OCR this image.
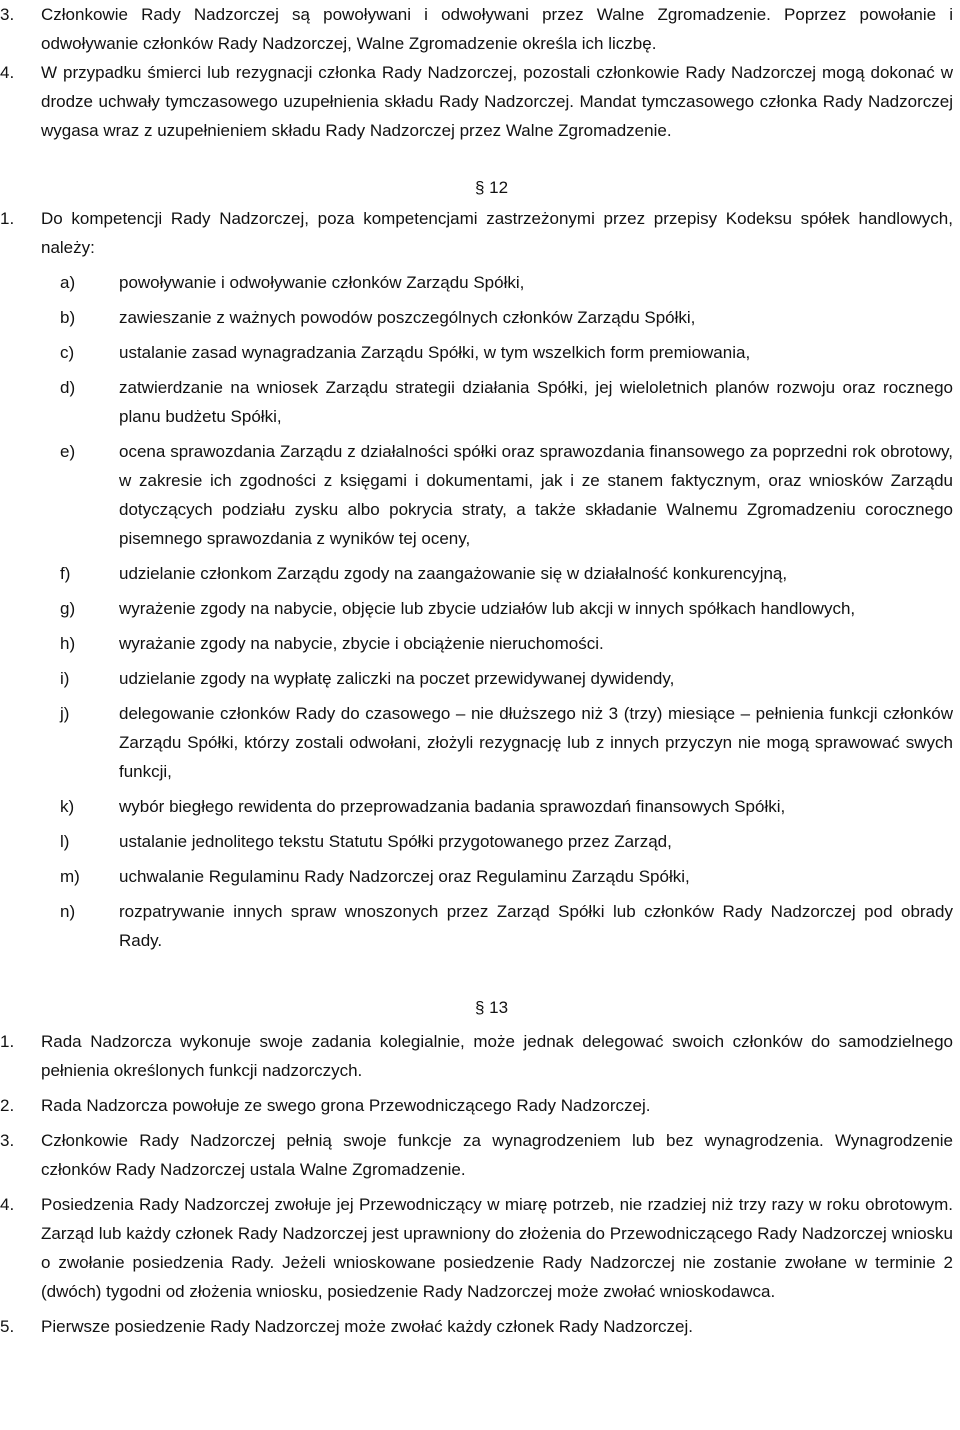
3. Członkowie Rady Nadzorczej są powoływani i odwoływani przez Walne Zgromadzenie. Poprzez powołanie i odwoływanie członków Rady Nadzorczej, Walne Zgromadzenie określa ich liczbę.
4. W przypadku śmierci lub rezygnacji członka Rady Nadzorczej, pozostali członkowie Rady Nadzorczej mogą dokonać w drodze uchwały tymczasowego uzupełnienia składu Rady Nadzorczej. Mandat tymczasowego członka Rady Nadzorczej wygasa wraz z uzupełnieniem składu Rady Nadzorczej przez Walne Zgromadzenie.
§ 12
1. Do kompetencji Rady Nadzorczej, poza kompetencjami zastrzeżonymi przez przepisy Kodeksu spółek handlowych, należy:
a)	powoływanie i odwoływanie członków Zarządu Spółki,
b)	zawieszanie z ważnych powodów poszczególnych członków Zarządu Spółki,
c)	ustalanie zasad wynagradzania Zarządu Spółki, w tym wszelkich form premiowania,
d)	zatwierdzanie na wniosek Zarządu strategii działania Spółki, jej wieloletnich planów rozwoju oraz rocznego planu budżetu Spółki,
e)	ocena sprawozdania Zarządu z działalności spółki oraz sprawozdania finansowego za poprzedni rok obrotowy, w zakresie ich zgodności z księgami i dokumentami, jak i ze stanem faktycznym, oraz wniosków Zarządu dotyczących podziału zysku albo pokrycia straty, a także składanie Walnemu Zgromadzeniu corocznego pisemnego sprawozdania z wyników tej oceny,
f)	udzielanie członkom Zarządu zgody na zaangażowanie się w działalność konkurencyjną,
g)	wyrażenie zgody na nabycie, objęcie lub zbycie udziałów lub akcji w innych spółkach handlowych,
h)	wyrażanie zgody na nabycie, zbycie i obciążenie nieruchomości.
i)	udzielanie zgody na wypłatę zaliczki na poczet przewidywanej dywidendy,
j)	delegowanie członków Rady do czasowego – nie dłuższego niż 3 (trzy) miesiące – pełnienia funkcji członków Zarządu Spółki, którzy zostali odwołani, złożyli rezygnację lub z innych przyczyn nie mogą sprawować swych funkcji,
k)	wybór biegłego rewidenta do przeprowadzania badania sprawozdań finansowych Spółki,
l)	ustalanie jednolitego tekstu Statutu Spółki przygotowanego przez Zarząd,
m) uchwalanie Regulaminu Rady Nadzorczej oraz Regulaminu Zarządu Spółki,
n)	rozpatrywanie innych spraw wnoszonych przez Zarząd Spółki lub członków Rady Nadzorczej pod obrady Rady.
§ 13
1. Rada Nadzorcza wykonuje swoje zadania kolegialnie, może jednak delegować swoich członków do samodzielnego pełnienia określonych funkcji nadzorczych.
2. Rada Nadzorcza powołuje ze swego grona Przewodniczącego Rady Nadzorczej.
3. Członkowie Rady Nadzorczej pełnią swoje funkcje za wynagrodzeniem lub bez wynagrodzenia. Wynagrodzenie członków Rady Nadzorczej ustala Walne Zgromadzenie.
4. Posiedzenia Rady Nadzorczej zwołuje jej Przewodniczący w miarę potrzeb, nie rzadziej niż trzy razy w roku obrotowym. Zarząd lub każdy członek Rady Nadzorczej jest uprawniony do złożenia do Przewodniczącego Rady Nadzorczej wniosku o zwołanie posiedzenia Rady. Jeżeli wnioskowane posiedzenie Rady Nadzorczej nie zostanie zwołane w terminie 2 (dwóch) tygodni od złożenia wniosku, posiedzenie Rady Nadzorczej może zwołać wnioskodawca.
5. Pierwsze posiedzenie Rady Nadzorczej może zwołać każdy członek Rady Nadzorczej.
